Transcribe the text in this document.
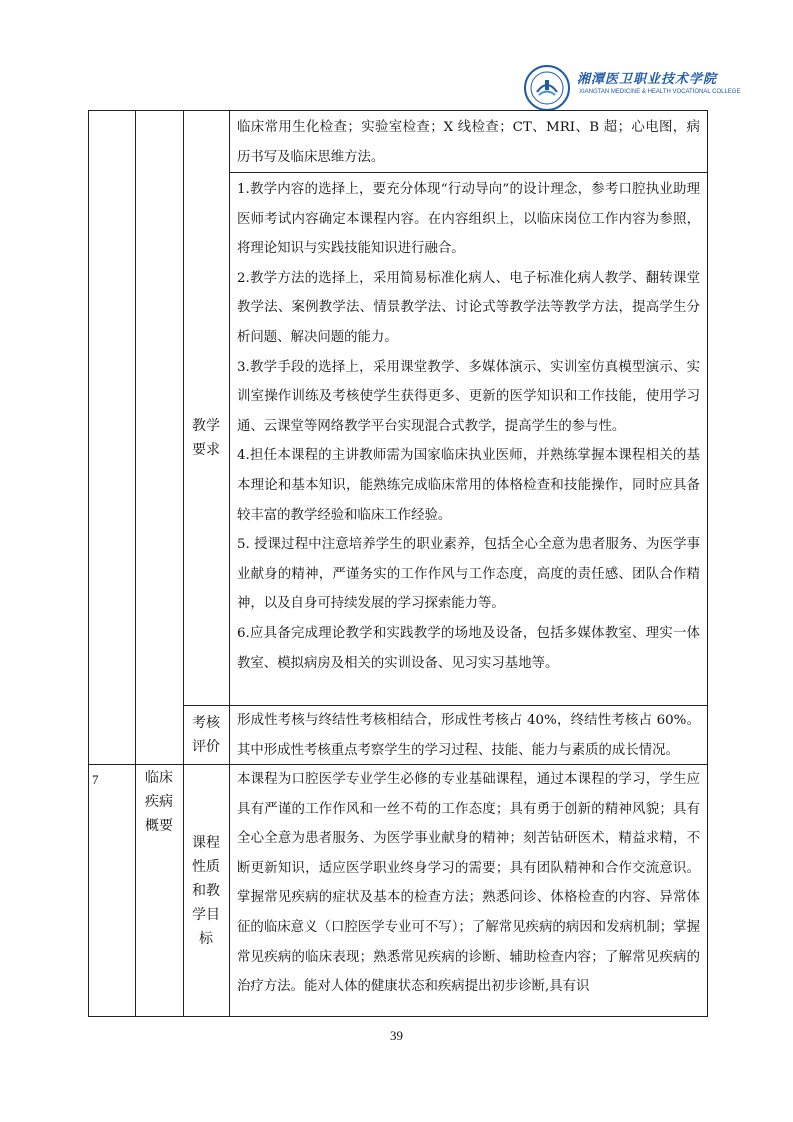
湘潭医卫职业技术学院
XIANGTAN MEDICINE & HEALTH VOCATIONAL COLLEGE

临床常用生化检查；实验室检查；X 线检查；CT、MRI、B 超；心电图，病历书写及临床思维方法。

教学
要求

1.教学内容的选择上，要充分体现“行动导向”的设计理念，参考口腔执业助理医师考试内容确定本课程内容。在内容组织上，以临床岗位工作内容为参照，将理论知识与实践技能知识进行融合。

2.教学方法的选择上，采用简易标准化病人、电子标准化病人教学、翻转课堂教学法、案例教学法、情景教学法、讨论式等教学法等教学方法，提高学生分析问题、解决问题的能力。

3.教学手段的选择上，采用课堂教学、多媒体演示、实训室仿真模型演示、实训室操作训练及考核使学生获得更多、更新的医学知识和工作技能，使用学习通、云课堂等网络教学平台实现混合式教学，提高学生的参与性。

4.担任本课程的主讲教师需为国家临床执业医师，并熟练掌握本课程相关的基本理论和基本知识，能熟练完成临床常用的体格检查和技能操作，同时应具备较丰富的教学经验和临床工作经验。

5. 授课过程中注意培养学生的职业素养，包括全心全意为患者服务、为医学事业献身的精神，严谨务实的工作作风与工作态度，高度的责任感、团队合作精神，以及自身可持续发展的学习探索能力等。

6.应具备完成理论教学和实践教学的场地及设备，包括多媒体教室、理实一体教室、模拟病房及相关的实训设备、见习实习基地等。

考核
评价

形成性考核与终结性考核相结合，形成性考核占 40%，终结性考核占 60%。其中形成性考核重点考察学生的学习过程、技能、能力与素质的成长情况。

7	临床
疾病
概要
课程
性质
和教
学目
标

本课程为口腔医学专业学生必修的专业基础课程，通过本课程的学习，学生应具有严谨的工作作风和一丝不苟的工作态度；具有勇于创新的精神风貌；具有全心全意为患者服务、为医学事业献身的精神；刻苦钻研医术，精益求精，不断更新知识，适应医学职业终身学习的需要；具有团队精神和合作交流意识。掌握常见疾病的症状及基本的检查方法；熟悉问诊、体格检查的内容、异常体征的临床意义（口腔医学专业可不写）；了解常见疾病的病因和发病机制；掌握常见疾病的临床表现；熟悉常见疾病的诊断、辅助检查内容；了解常见疾病的治疗方法。能对人体的健康状态和疾病提出初步诊断,具有识

39
